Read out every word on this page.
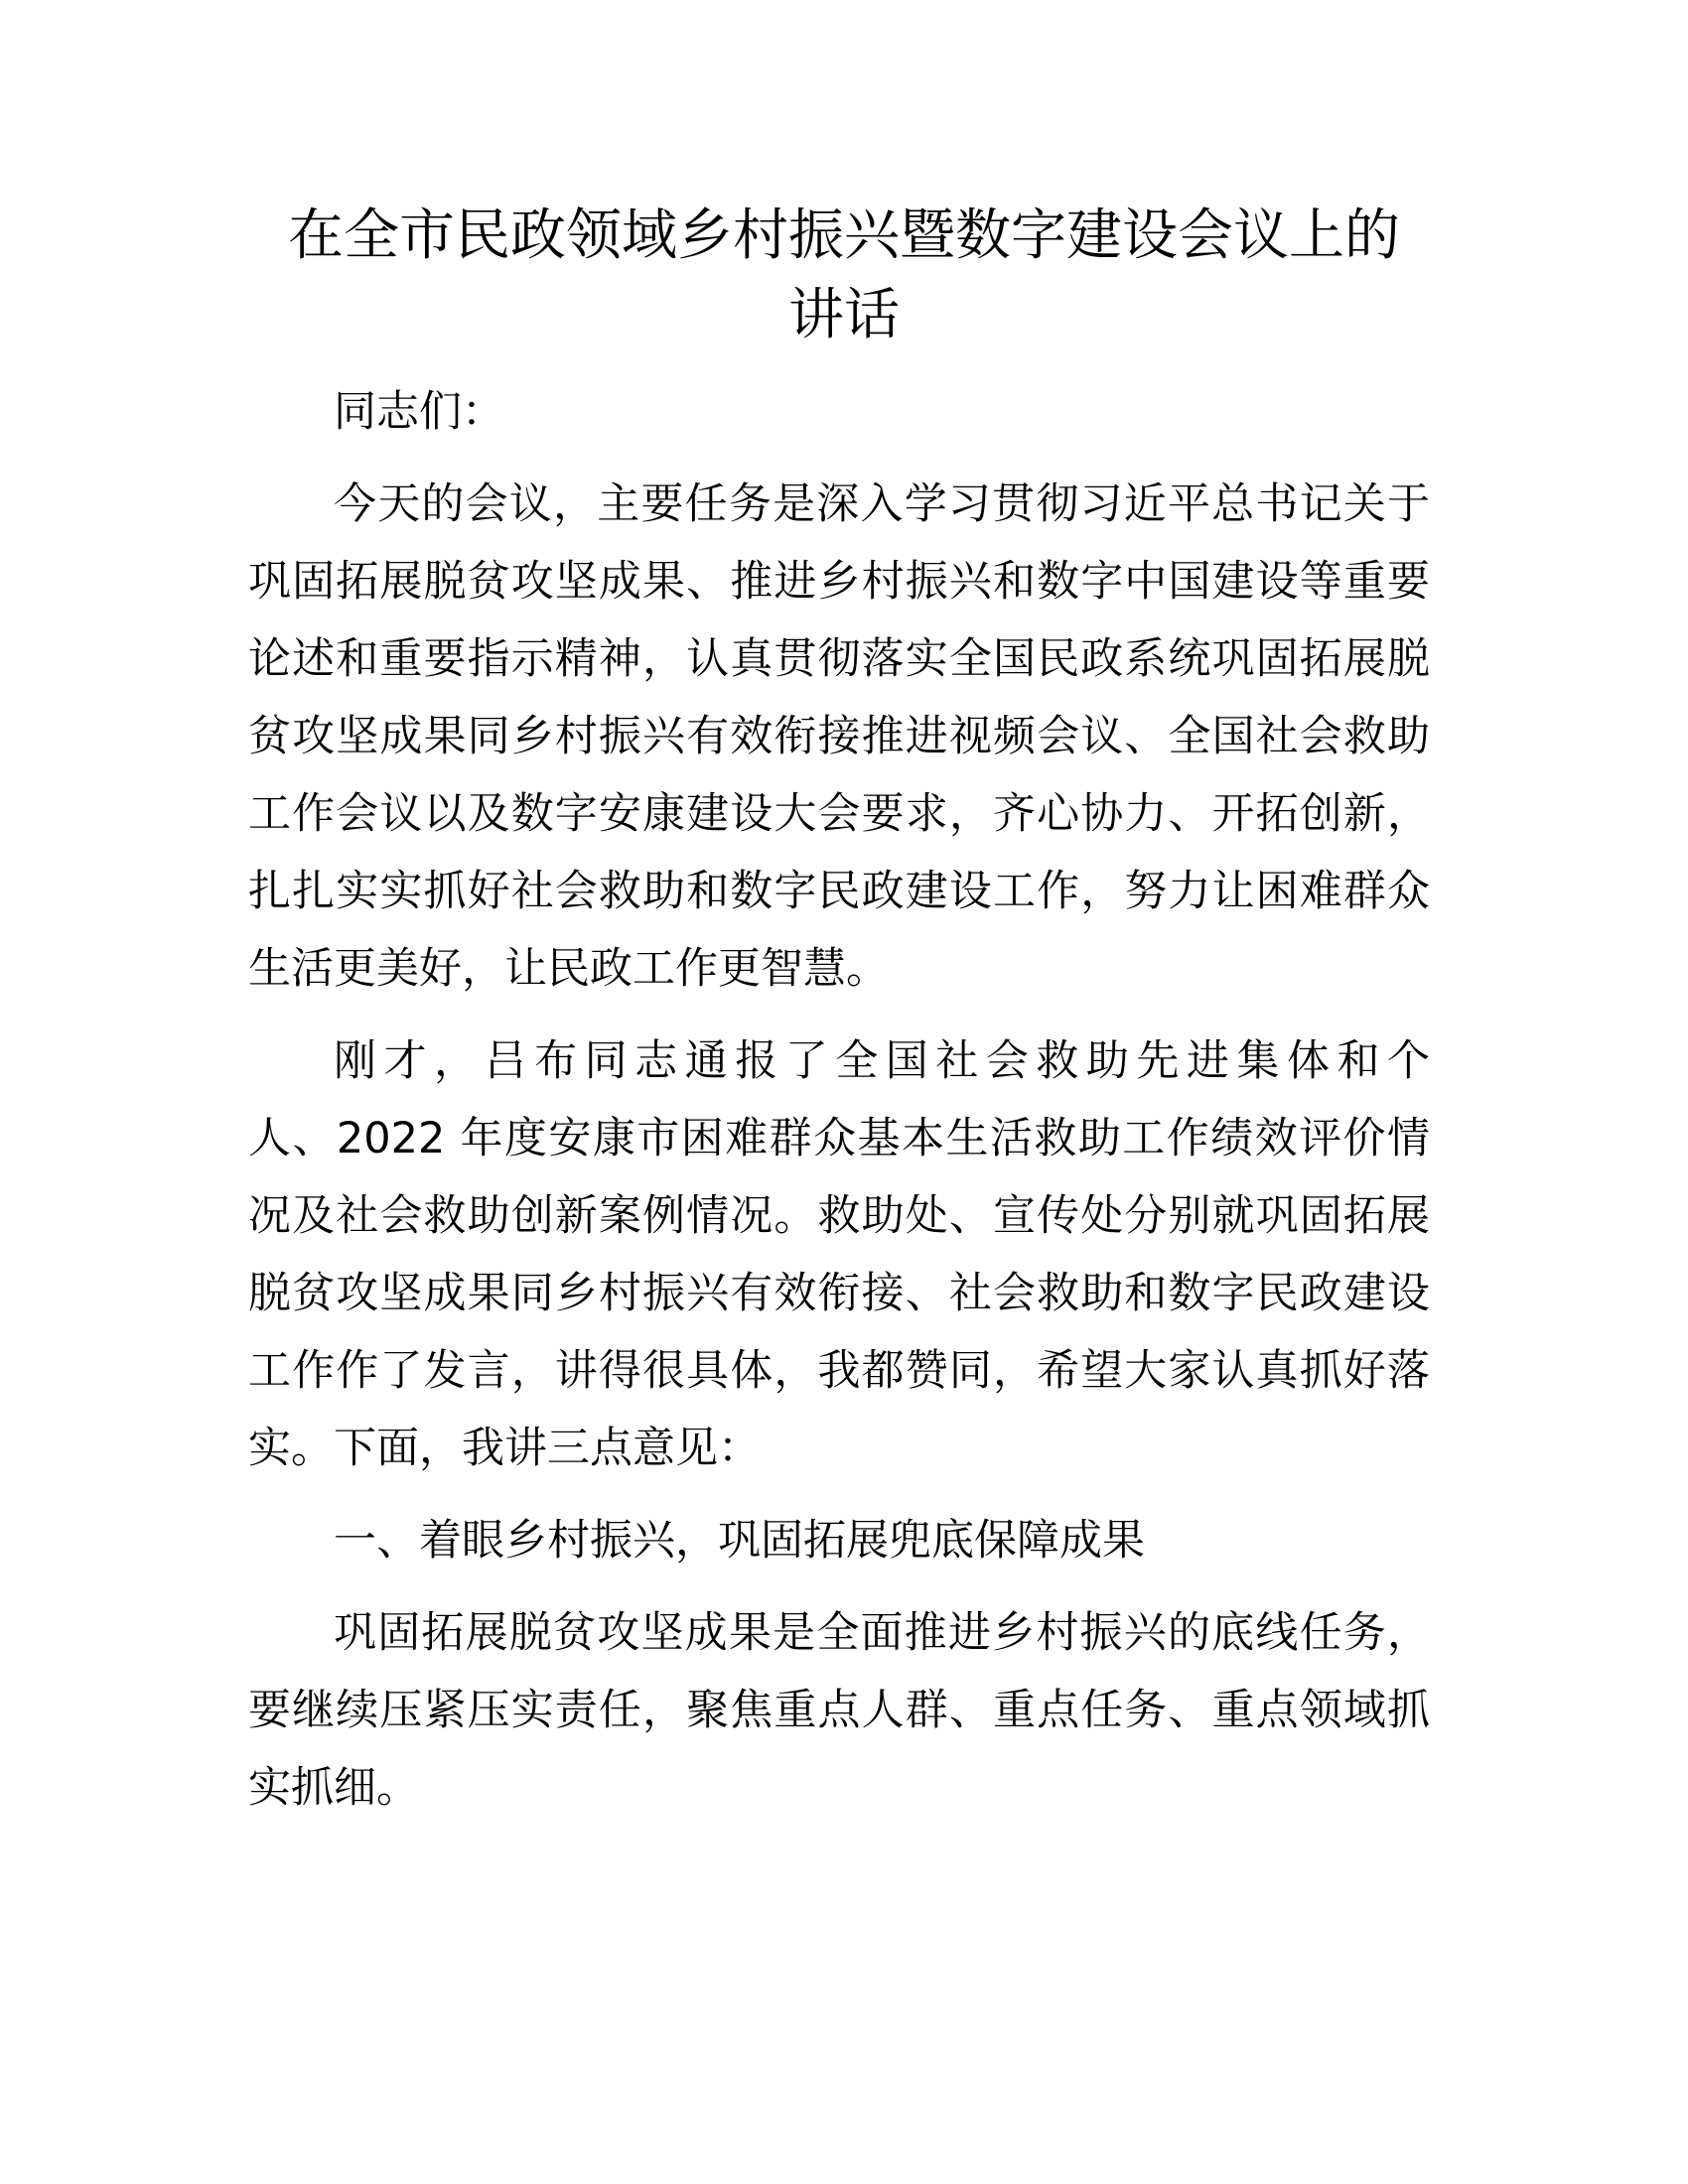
在全市民政领域乡村振兴暨数字建设会议上的
讲话
同志们：
今天的会议，主要任务是深入学习贯彻习近平总书记关于
巩固拓展脱贫攻坚成果、推进乡村振兴和数字中国建设等重要
论述和重要指示精神，认真贯彻落实全国民政系统巩固拓展脱
贫攻坚成果同乡村振兴有效衔接推进视频会议、全国社会救助
工作会议以及数字安康建设大会要求，齐心协力、开拓创新，
扎扎实实抓好社会救助和数字民政建设工作，努力让困难群众
生活更美好，让民政工作更智慧。
刚才，吕布同志通报了全国社会救助先进集体和个
人、2022 年度安康市困难群众基本生活救助工作绩效评价情
况及社会救助创新案例情况。救助处、宣传处分别就巩固拓展
脱贫攻坚成果同乡村振兴有效衔接、社会救助和数字民政建设
工作作了发言，讲得很具体，我都赞同，希望大家认真抓好落
实。下面，我讲三点意见：
一、着眼乡村振兴，巩固拓展兜底保障成果
巩固拓展脱贫攻坚成果是全面推进乡村振兴的底线任务，
要继续压紧压实责任，聚焦重点人群、重点任务、重点领域抓
实抓细。
